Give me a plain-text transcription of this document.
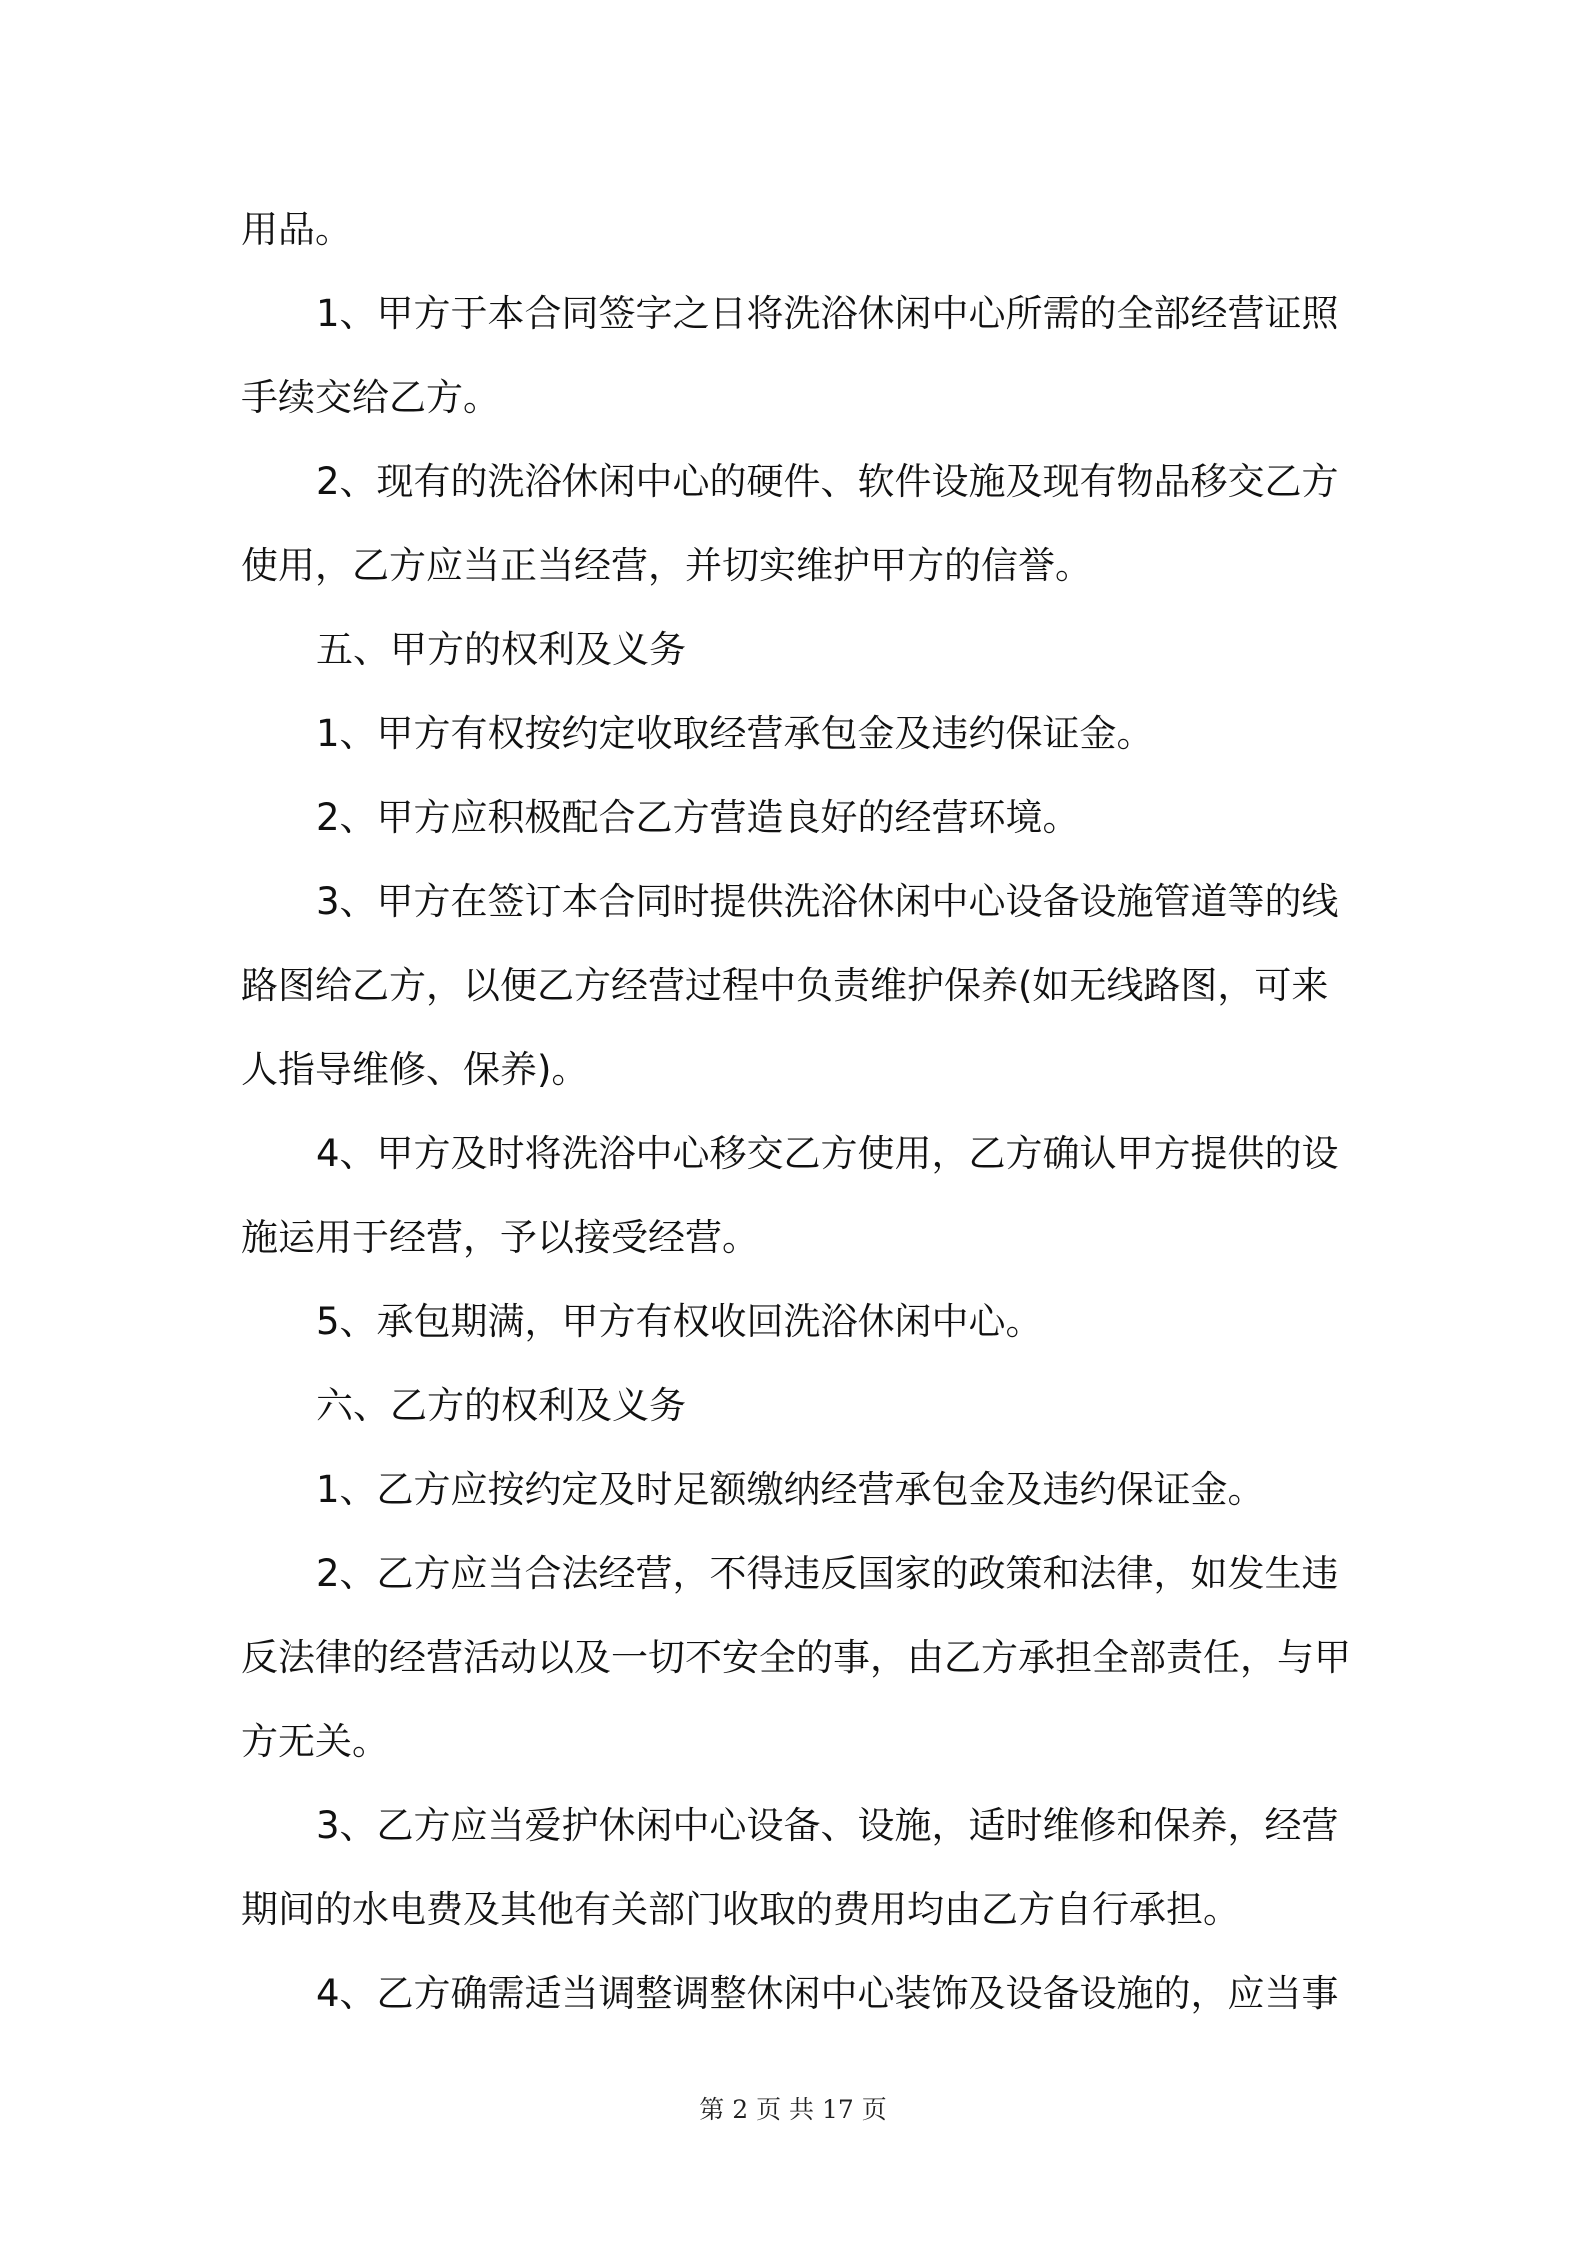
用品。
1、甲方于本合同签字之日将洗浴休闲中心所需的全部经营证照
手续交给乙方。
2、现有的洗浴休闲中心的硬件、软件设施及现有物品移交乙方
使用，乙方应当正当经营，并切实维护甲方的信誉。
五、甲方的权利及义务
1、甲方有权按约定收取经营承包金及违约保证金。
2、甲方应积极配合乙方营造良好的经营环境。
3、甲方在签订本合同时提供洗浴休闲中心设备设施管道等的线
路图给乙方，以便乙方经营过程中负责维护保养(如无线路图，可来
人指导维修、保养)。
4、甲方及时将洗浴中心移交乙方使用，乙方确认甲方提供的设
施运用于经营，予以接受经营。
5、承包期满，甲方有权收回洗浴休闲中心。
六、乙方的权利及义务
1、乙方应按约定及时足额缴纳经营承包金及违约保证金。
2、乙方应当合法经营，不得违反国家的政策和法律，如发生违
反法律的经营活动以及一切不安全的事，由乙方承担全部责任，与甲
方无关。
3、乙方应当爱护休闲中心设备、设施，适时维修和保养，经营
期间的水电费及其他有关部门收取的费用均由乙方自行承担。
4、乙方确需适当调整调整休闲中心装饰及设备设施的，应当事
第 2 页 共 17 页
